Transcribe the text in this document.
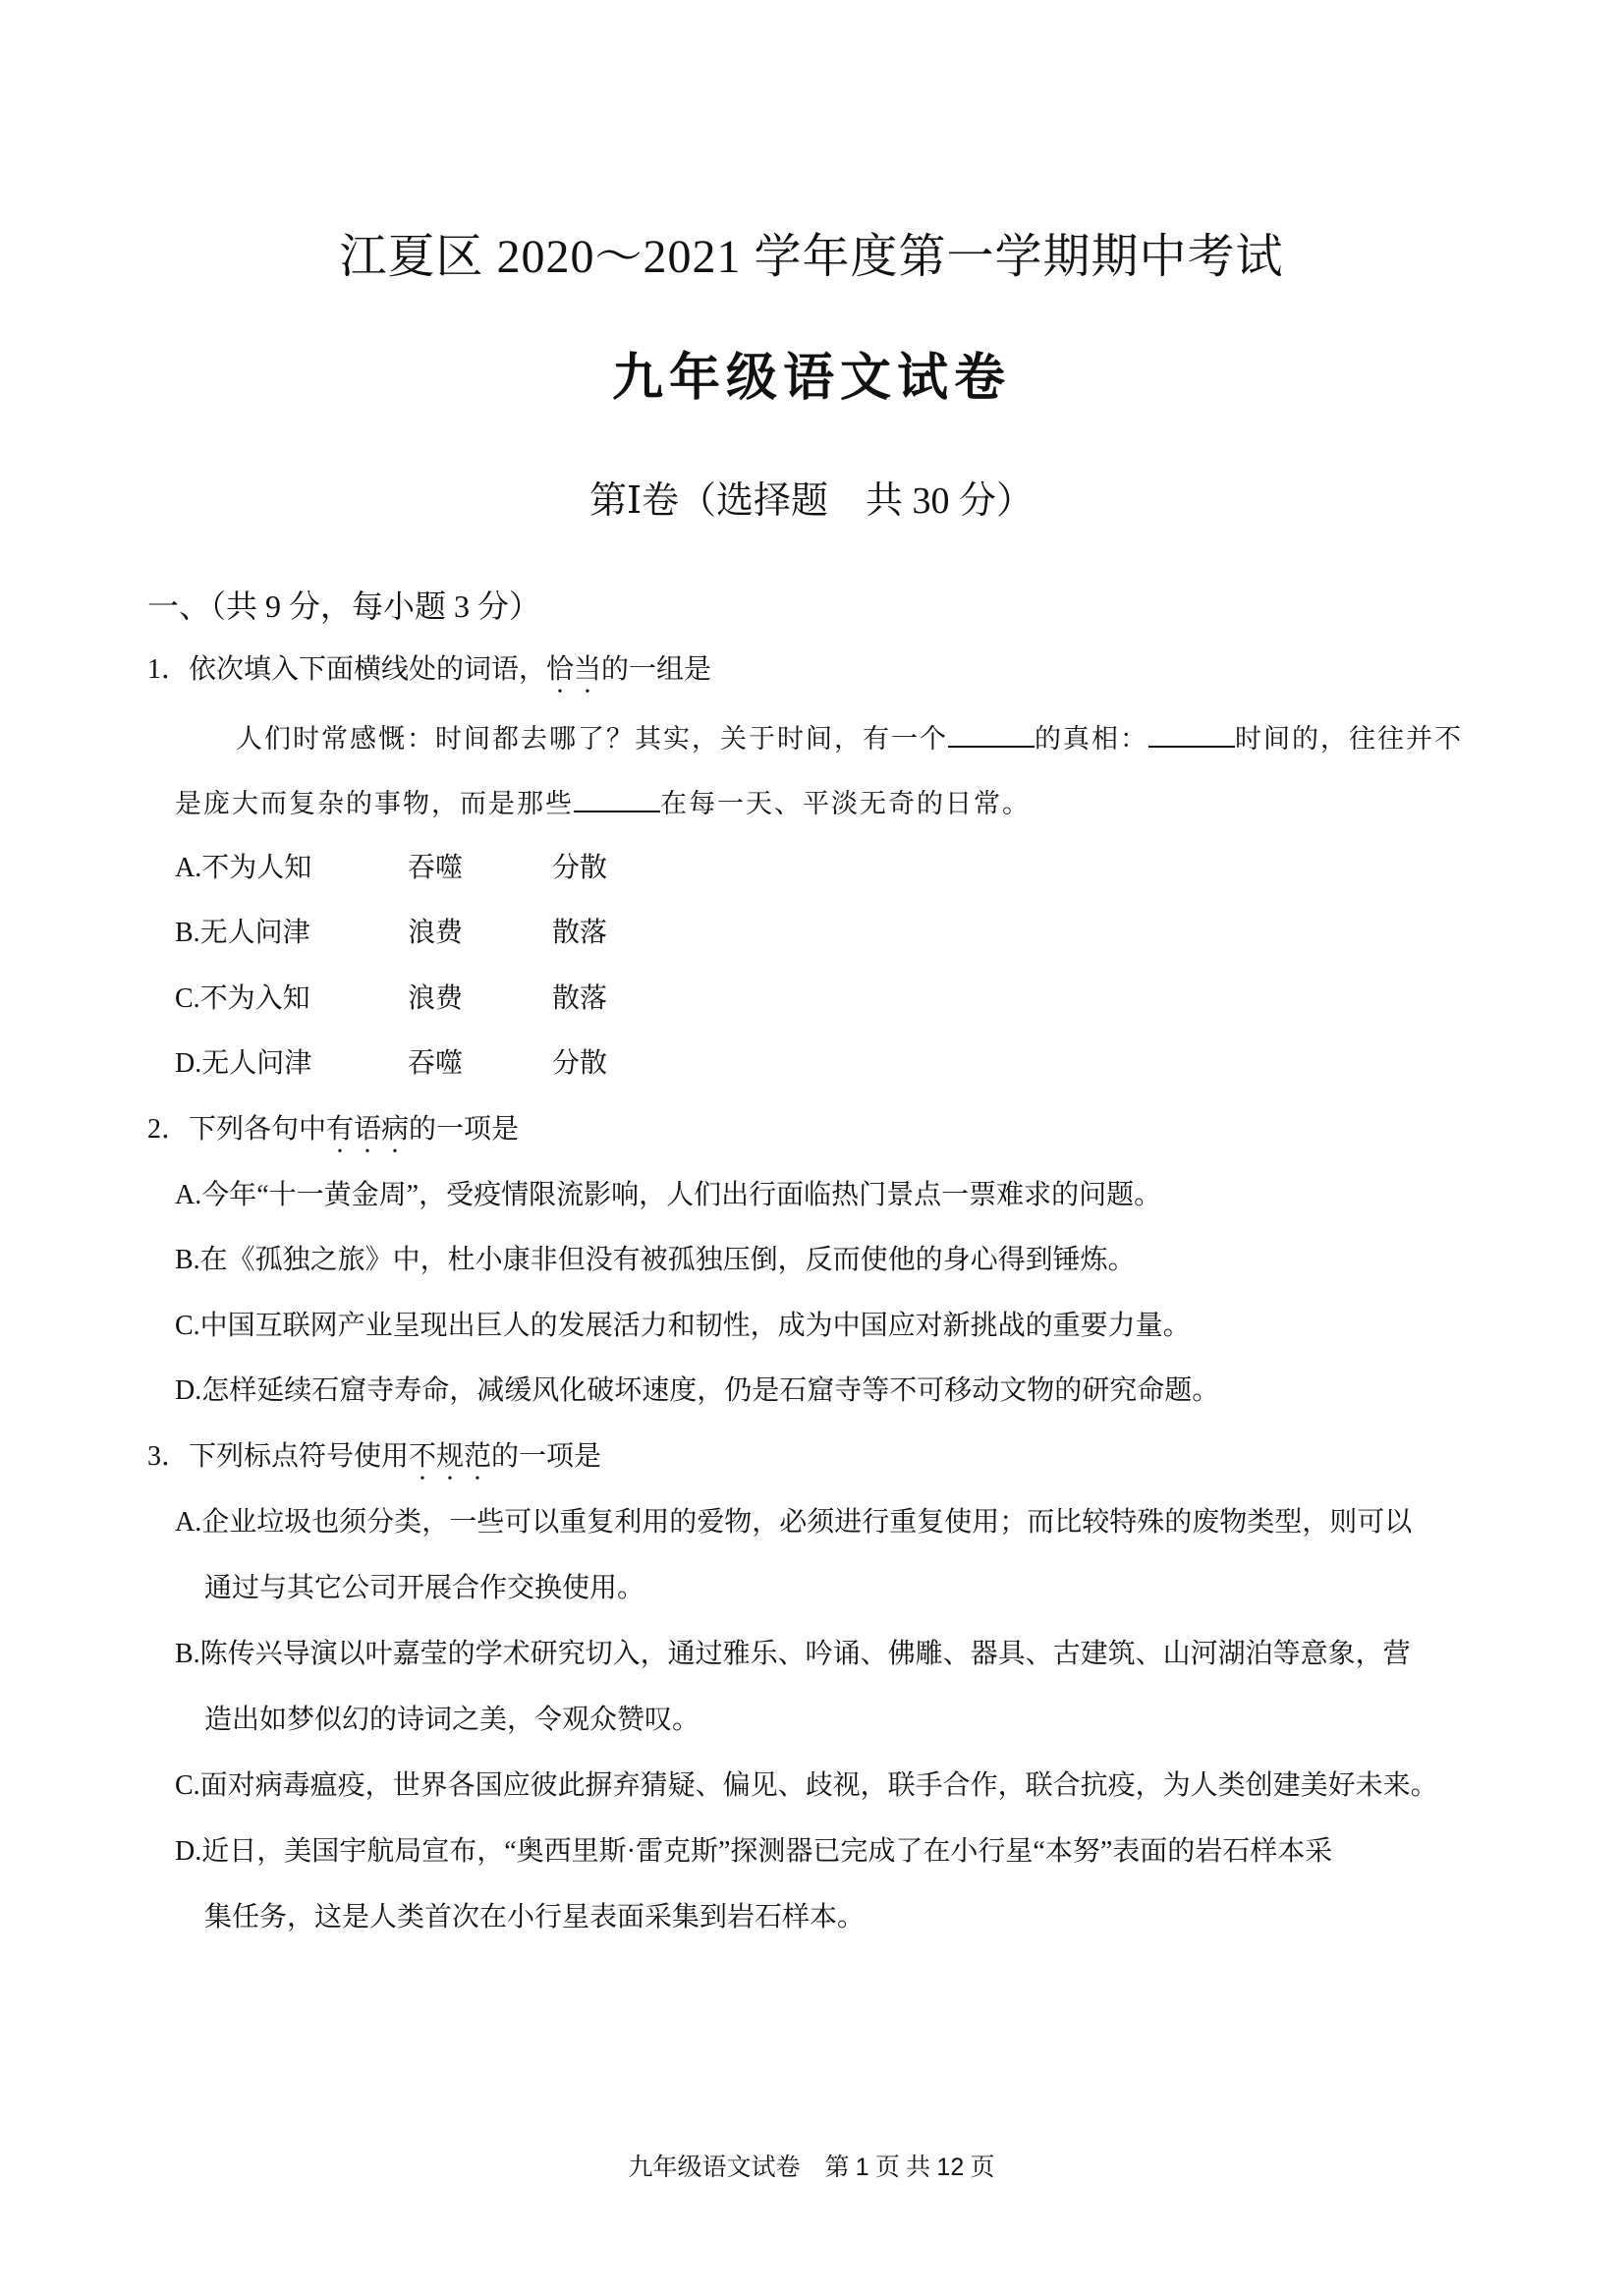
江夏区 2020～2021 学年度第一学期期中考试
九年级语文试卷
第Ⅰ卷（选择题　共 30 分）
一、（共 9 分，每小题 3 分）
1．依次填入下面横线处的词语，恰当的一组是
人们时常感慨：时间都去哪了？其实，关于时间，有一个	的真相：	时间的，往往并不
是庞大而复杂的事物，而是那些	在每一天、平淡无奇的日常。
A.不为人知	吞噬	分散
B.无人问津	浪费	散落
C.不为入知	浪费	散落
D.无人问津	吞噬	分散
2．下列各句中有语病的一项是
A.今年“十一黄金周”，受疫情限流影响，人们出行面临热门景点一票难求的问题。
B.在《孤独之旅》中，杜小康非但没有被孤独压倒，反而使他的身心得到锤炼。
C.中国互联网产业呈现出巨人的发展活力和韧性，成为中国应对新挑战的重要力量。
D.怎样延续石窟寺寿命，减缓风化破坏速度，仍是石窟寺等不可移动文物的研究命题。
3．下列标点符号使用不规范的一项是
A.企业垃圾也须分类，一些可以重复利用的爱物，必须进行重复使用；而比较特殊的废物类型，则可以
通过与其它公司开展合作交换使用。
B.陈传兴导演以叶嘉莹的学术研究切入，通过雅乐、吟诵、佛雕、器具、古建筑、山河湖泊等意象，营
造出如梦似幻的诗词之美，令观众赞叹。
C.面对病毒瘟疫，世界各国应彼此摒弃猜疑、偏见、歧视，联手合作，联合抗疫，为人类创建美好未来。
D.近日，美国宇航局宣布，“奥西里斯·雷克斯”探测器已完成了在小行星“本努”表面的岩石样本采
集任务，这是人类首次在小行星表面采集到岩石样本。
九年级语文试卷　第 1 页 共 12 页
